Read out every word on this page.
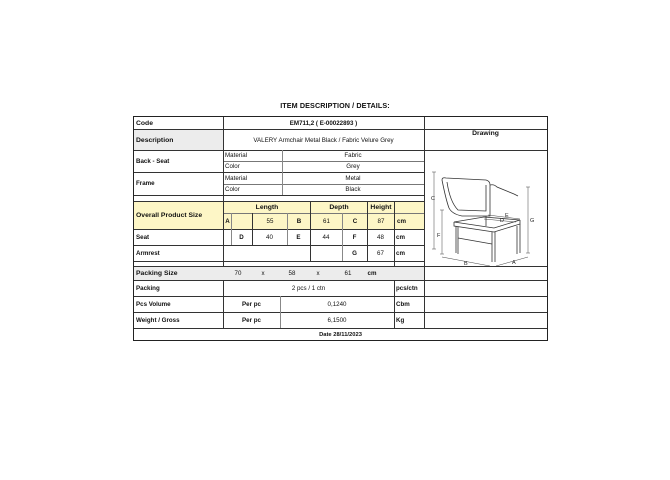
ITEM DESCRIPTION / DETAILS:
Code	EM711,2 ( E-00022893 )
Description	VALERY Armchair Metal Black / Fabric Velure Grey
Drawing
C
E
D	G
F
B	A
Back - Seat
Material	Fabric
Color	Grey
Frame
Material	Metal
Color	Black
Overall Product Size
Length	Depth	Height
A	55	B	61	C	87	cm
Seat	D	40	E	44	F	48	cm
Armrest	G	67	cm
Packing Size	70	x	58	x	61	cm
Packing	2 pcs / 1 ctn	pcs/ctn
Pcs Volume	Per pc	0,1240	Cbm
Weight / Gross	Per pc	6,1500	Kg
Date 28/11/2023
